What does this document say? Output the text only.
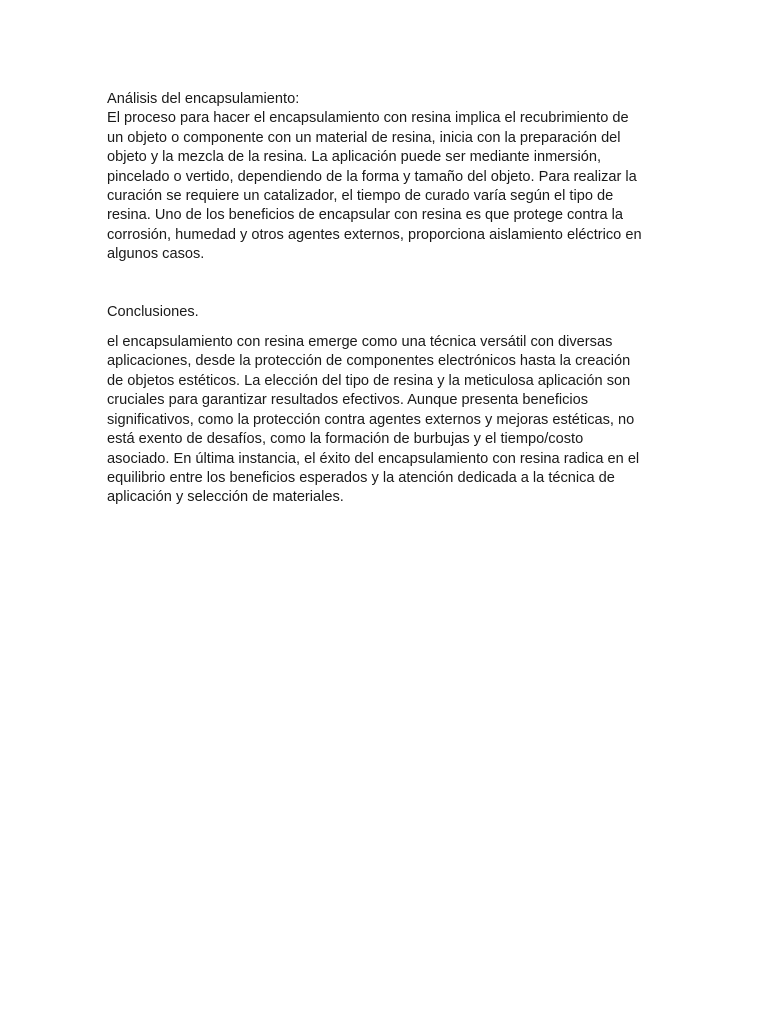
Análisis del encapsulamiento:
El proceso para hacer el encapsulamiento con resina implica el recubrimiento de
un objeto o componente con un material de resina, inicia con la preparación del
objeto y la mezcla de la resina. La aplicación puede ser mediante inmersión,
pincelado o vertido, dependiendo de la forma y tamaño del objeto. Para realizar la
curación se requiere un catalizador, el tiempo de curado varía según el tipo de
resina. Uno de los beneficios de encapsular con resina es que protege contra la
corrosión, humedad y otros agentes externos, proporciona aislamiento eléctrico en
algunos casos.
Conclusiones.
el encapsulamiento con resina emerge como una técnica versátil con diversas
aplicaciones, desde la protección de componentes electrónicos hasta la creación
de objetos estéticos. La elección del tipo de resina y la meticulosa aplicación son
cruciales para garantizar resultados efectivos. Aunque presenta beneficios
significativos, como la protección contra agentes externos y mejoras estéticas, no
está exento de desafíos, como la formación de burbujas y el tiempo/costo
asociado. En última instancia, el éxito del encapsulamiento con resina radica en el
equilibrio entre los beneficios esperados y la atención dedicada a la técnica de
aplicación y selección de materiales.
